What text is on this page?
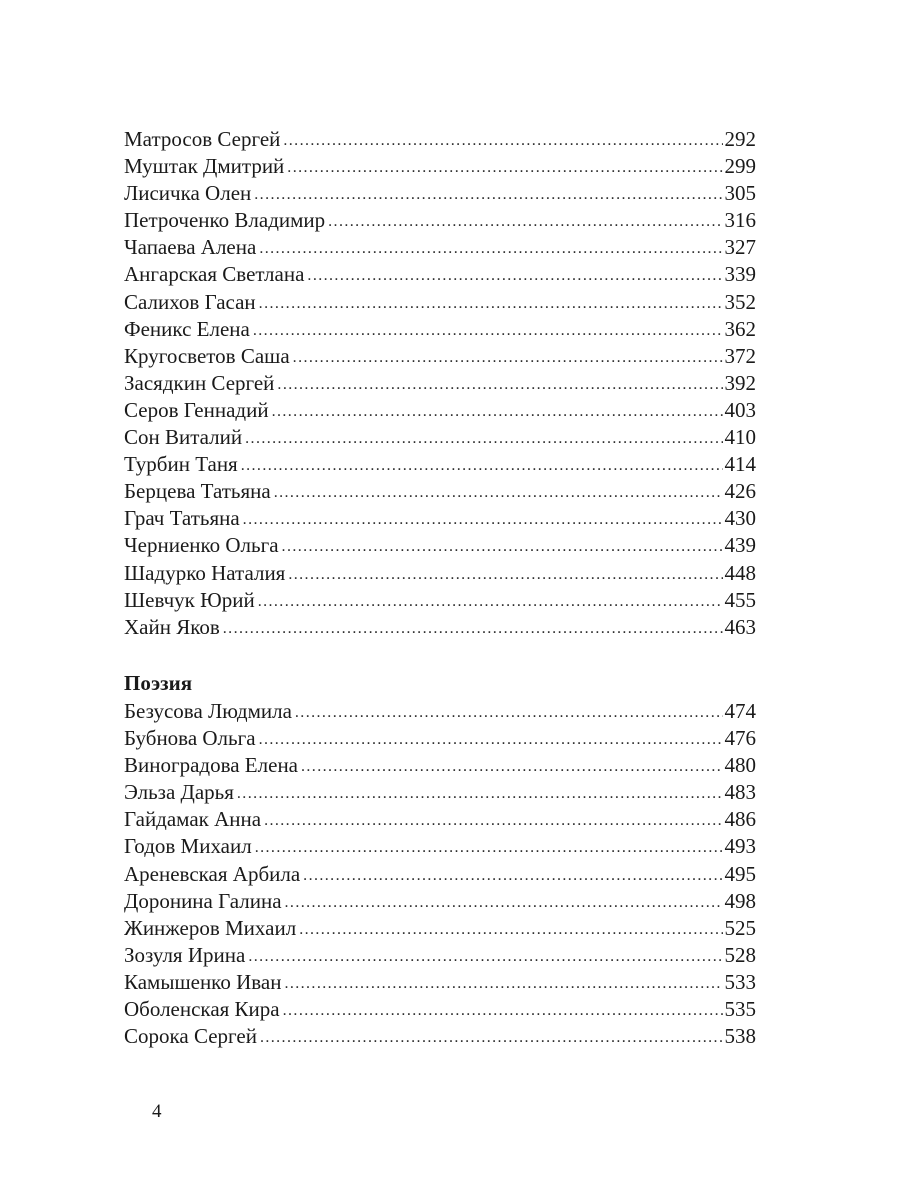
Матросов Сергей .....	292
Муштак Дмитрий .....	299
Лисичка Олен .....	305
Петроченко Владимир .....	316
Чапаева Алена .....	327
Ангарская Светлана .....	339
Салихов Гасан .....	352
Феникс Елена .....	362
Кругосветов Саша .....	372
Засядкин Сергей .....	392
Серов Геннадий .....	403
Сон Виталий .....	410
Турбин Таня .....	414
Берцева Татьяна .....	426
Грач Татьяна .....	430
Черниенко Ольга .....	439
Шадурко Наталия .....	448
Шевчук Юрий .....	455
Хайн Яков .....	463
Поэзия
Безусова Людмила .....	474
Бубнова Ольга .....	476
Виноградова Елена .....	480
Эльза Дарья .....	483
Гайдамак Анна .....	486
Годов Михаил .....	493
Ареневская Арбила .....	495
Доронина Галина .....	498
Жинжеров Михаил .....	525
Зозуля Ирина .....	528
Камышенко Иван .....	533
Оболенская Кира .....	535
Сорока Сергей .....	538
4
